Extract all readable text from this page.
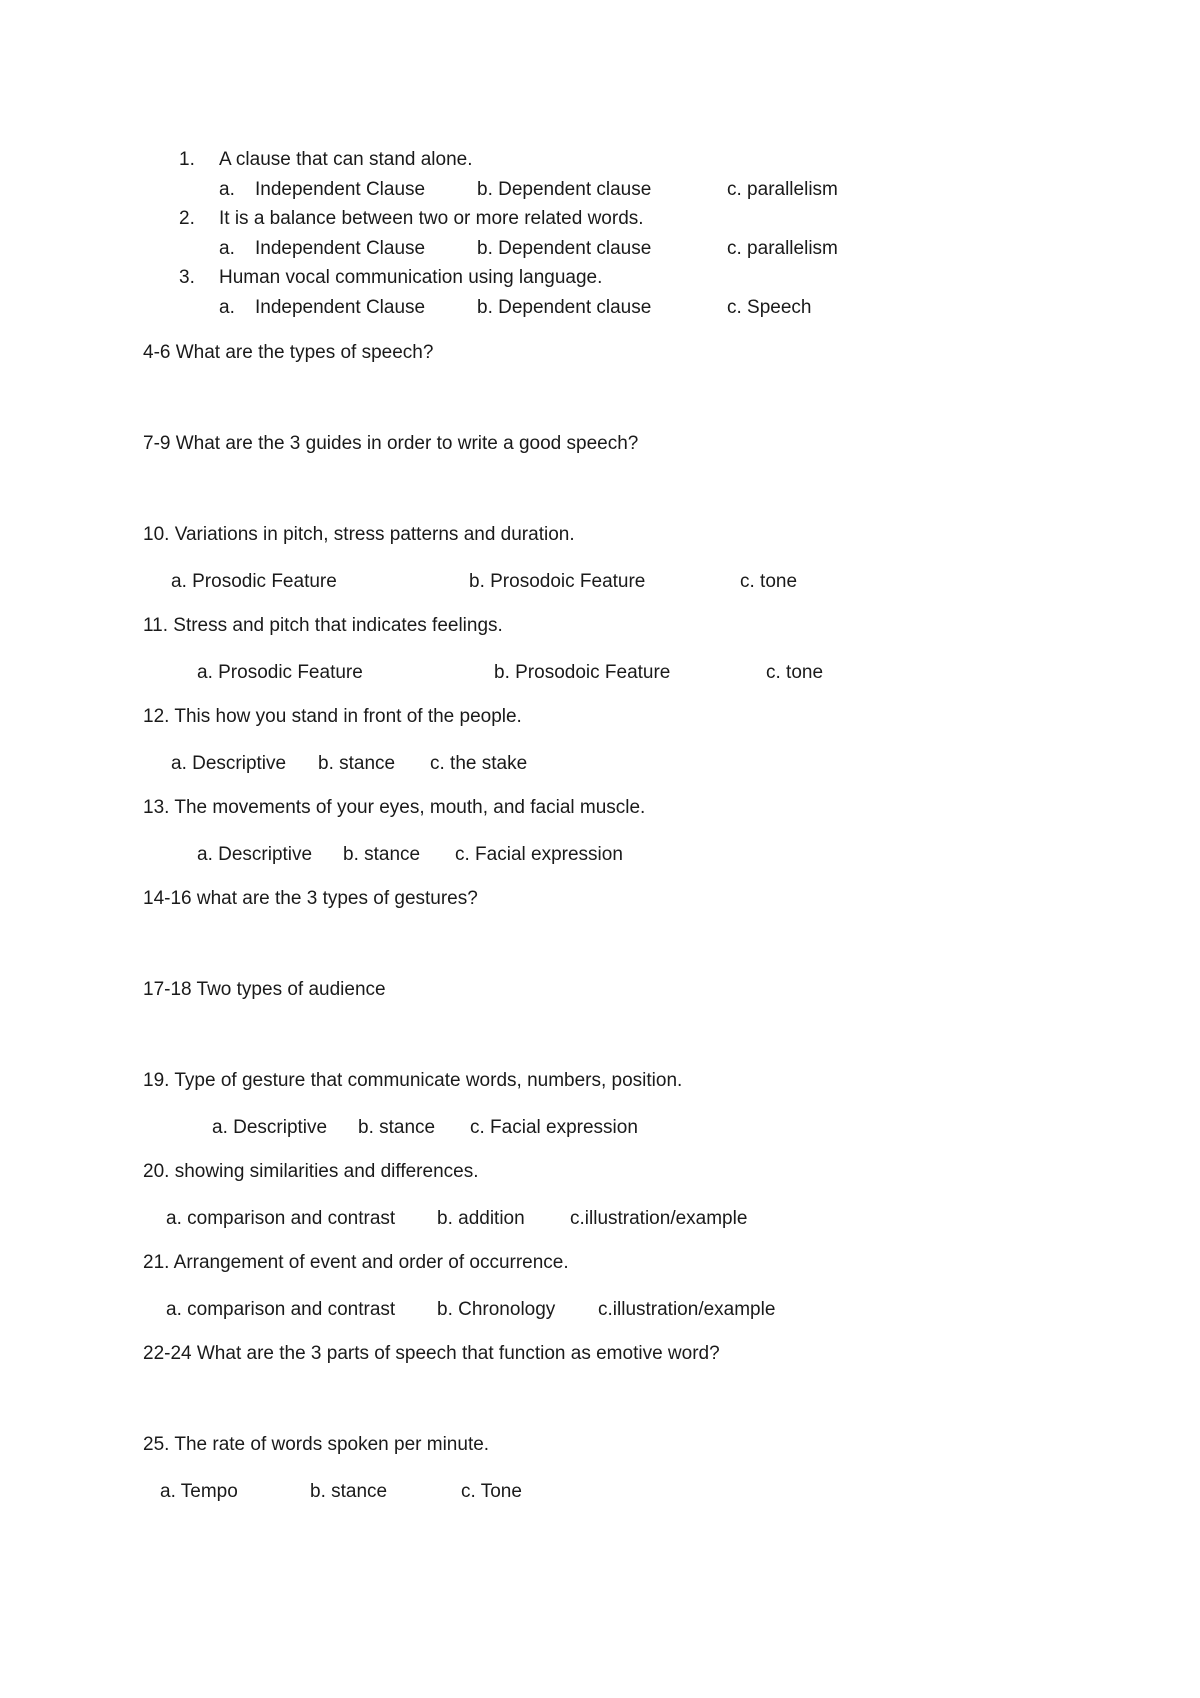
1. A clause that can stand alone.
a. Independent Clause	b. Dependent clause	c. parallelism
2. It is a balance between two or more related words.
a. Independent Clause	b. Dependent clause	c. parallelism
3. Human vocal communication using language.
a. Independent Clause	b. Dependent clause	c. Speech
4-6 What are the types of speech?
7-9 What are the 3 guides in order to write a good speech?
10. Variations in pitch, stress patterns and duration.
a. Prosodic Feature	b. Prosodoic Feature	c. tone
11. Stress and pitch that indicates feelings.
a. Prosodic Feature	b. Prosodoic Feature	c. tone
12. This how you stand in front of the people.
a. Descriptive b. stance c. the stake
13. The movements of your eyes, mouth, and facial muscle.
a. Descriptive b. stance c. Facial expression
14-16 what are the 3 types of gestures?
17-18 Two types of audience
19. Type of gesture that communicate words, numbers, position.
a. Descriptive b. stance c. Facial expression
20. showing similarities and differences.
a. comparison and contrast b. addition c.illustration/example
21. Arrangement of event and order of occurrence.
a. comparison and contrast b. Chronology c.illustration/example
22-24 What are the 3 parts of speech that function as emotive word?
25. The rate of words spoken per minute.
a. Tempo	b. stance	c. Tone
